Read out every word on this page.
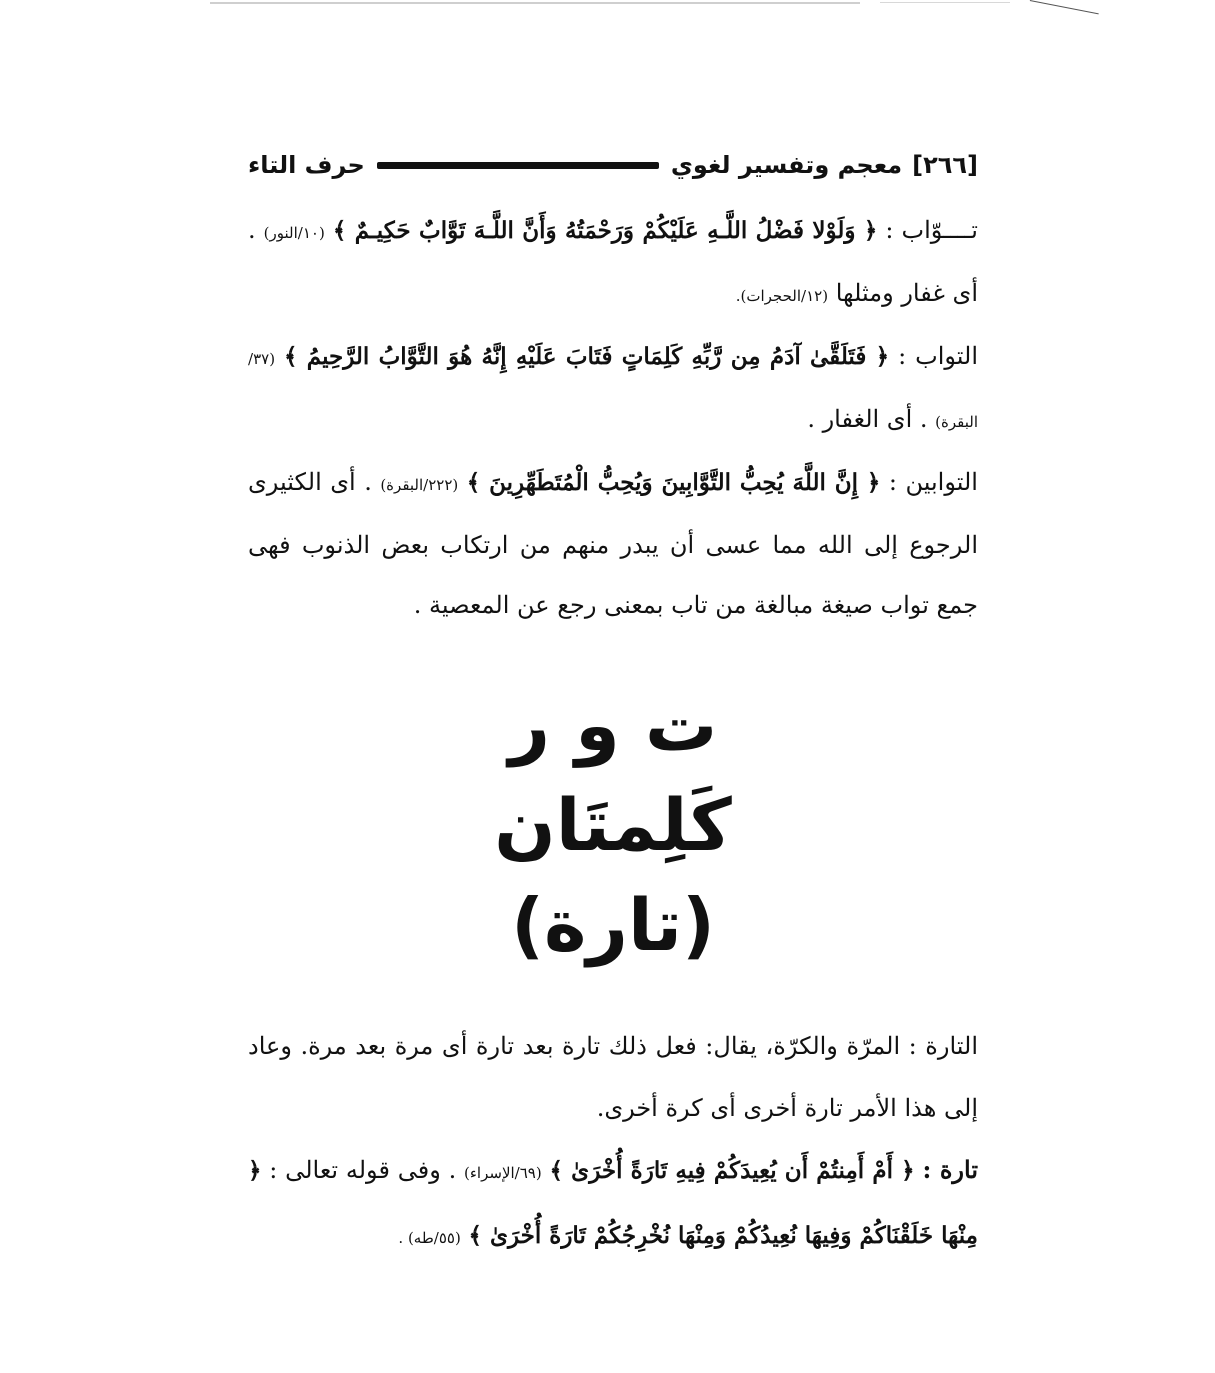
[٢٦٦]
معجم وتفسير لغوي
حرف التاء

تــــوّاب : ﴿ وَلَوْلا فَضْلُ اللَّـهِ عَلَيْكُمْ وَرَحْمَتُهُ وَأَنَّ اللَّـهَ تَوَّابٌ حَكِيـمٌ ﴾ (١٠/النور) . أى غفار ومثلها (١٢/الحجرات).

التواب : ﴿ فَتَلَقَّىٰ آدَمُ مِن رَّبِّهِ كَلِمَاتٍ فَتَابَ عَلَيْهِ إِنَّهُ هُوَ التَّوَّابُ الرَّحِيمُ ﴾ (٣٧/البقرة) . أى الغفار .

التوابين : ﴿ إِنَّ اللَّهَ يُحِبُّ التَّوَّابِينَ وَيُحِبُّ الْمُتَطَهِّرِينَ ﴾ (٢٢٢/البقرة) . أى الكثيرى الرجوع إلى الله مما عسى أن يبدر منهم من ارتكاب بعض الذنوب فهى جمع تواب صيغة مبالغة من تاب بمعنى رجع عن المعصية .

ت و ر
كَلِمتَان
(تارة)

التارة : المرّة والكرّة، يقال: فعل ذلك تارة بعد تارة أى مرة بعد مرة. وعاد إلى هذا الأمر تارة أخرى أى كرة أخرى.

تارة : ﴿ أَمْ أَمِنتُمْ أَن يُعِيدَكُمْ فِيهِ تَارَةً أُخْرَىٰ ﴾ (٦٩/الإسراء) . وفى قوله تعالى : ﴿ مِنْهَا خَلَقْنَاكُمْ وَفِيهَا نُعِيدُكُمْ وَمِنْهَا نُخْرِجُكُمْ تَارَةً أُخْرَىٰ ﴾ (٥٥/طه) .
